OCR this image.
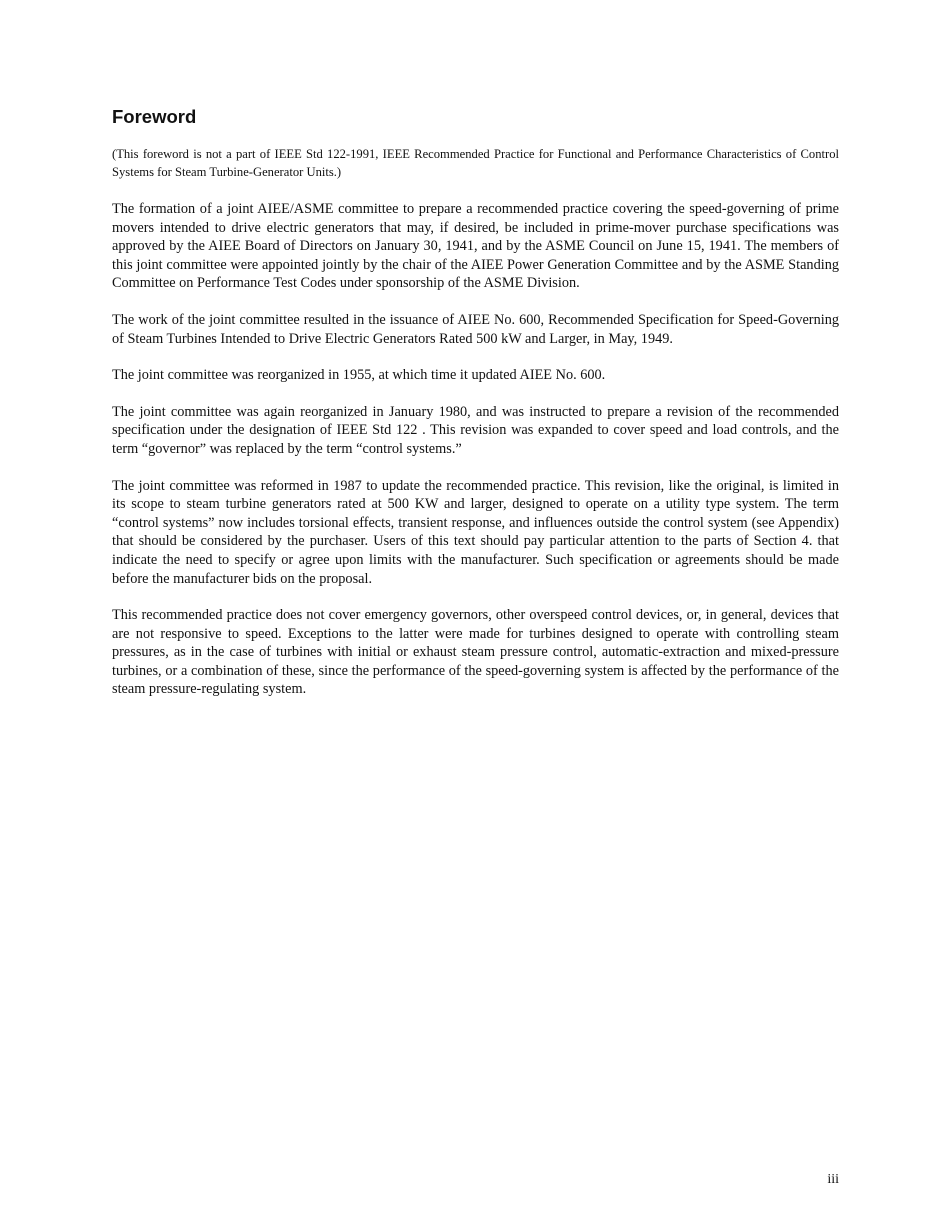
Foreword

(This foreword is not a part of IEEE Std 122-1991, IEEE Recommended Practice for Functional and Performance Characteristics of Control Systems for Steam Turbine-Generator Units.)

The formation of a joint AIEE/ASME committee to prepare a recommended practice covering the speed-governing of prime movers intended to drive electric generators that may, if desired, be included in prime-mover purchase specifications was approved by the AIEE Board of Directors on January 30, 1941, and by the ASME Council on June 15, 1941. The members of this joint committee were appointed jointly by the chair of the AIEE Power Generation Committee and by the ASME Standing Committee on Performance Test Codes under sponsorship of the ASME Division.

The work of the joint committee resulted in the issuance of AIEE No. 600, Recommended Specification for Speed-Governing of Steam Turbines Intended to Drive Electric Generators Rated 500 kW and Larger, in May, 1949.

The joint committee was reorganized in 1955, at which time it updated AIEE No. 600.

The joint committee was again reorganized in January 1980, and was instructed to prepare a revision of the recommended specification under the designation of IEEE Std 122 . This revision was expanded to cover speed and load controls, and the term “governor” was replaced by the term “control systems.”

The joint committee was reformed in 1987 to update the recommended practice. This revision, like the original, is limited in its scope to steam turbine generators rated at 500 KW and larger, designed to operate on a utility type system. The term “control systems” now includes torsional effects, transient response, and influences outside the control system (see Appendix) that should be considered by the purchaser. Users of this text should pay particular attention to the parts of Section 4. that indicate the need to specify or agree upon limits with the manufacturer. Such specification or agreements should be made before the manufacturer bids on the proposal.

This recommended practice does not cover emergency governors, other overspeed control devices, or, in general, devices that are not responsive to speed. Exceptions to the latter were made for turbines designed to operate with controlling steam pressures, as in the case of turbines with initial or exhaust steam pressure control, automatic-extraction and mixed-pressure turbines, or a combination of these, since the performance of the speed-governing system is affected by the performance of the steam pressure-regulating system.

iii
